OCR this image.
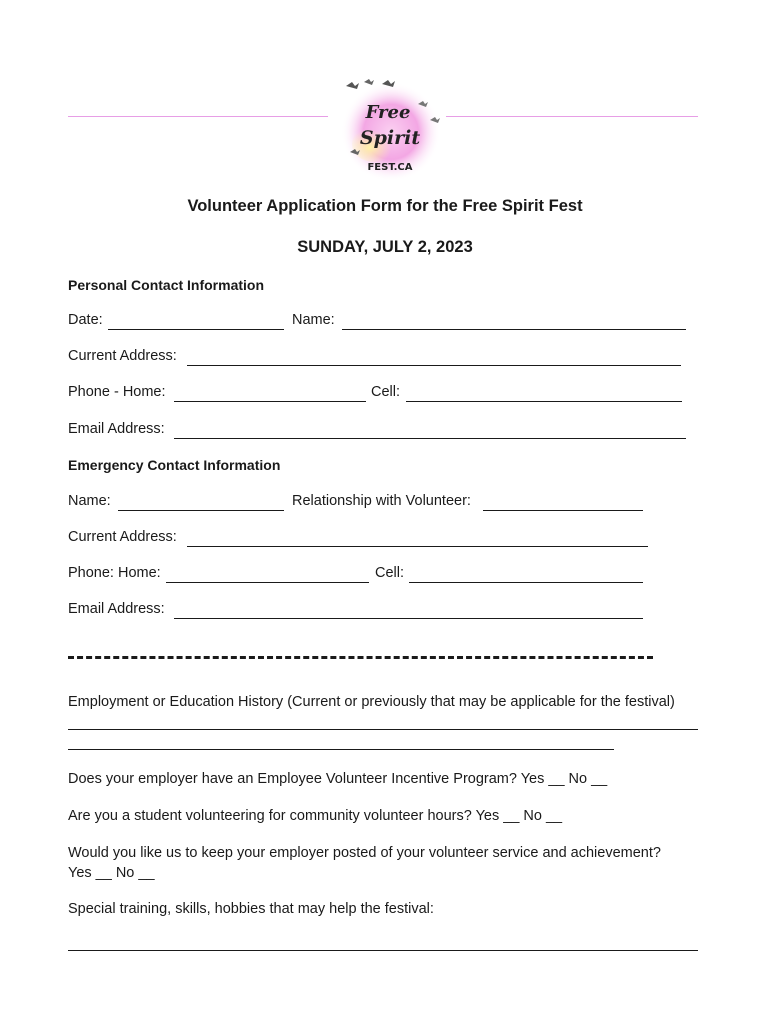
Free
Spirit
FEST.CA
Volunteer Application Form for the Free Spirit Fest
SUNDAY, JULY 2, 2023
Personal Contact Information
Date:	Name:
Current Address:
Phone - Home:	Cell:
Email Address:
Emergency Contact Information
Name:	Relationship with Volunteer:
Current Address:
Phone: Home:	Cell:
Email Address:
Employment or Education History (Current or previously that may be applicable for the festival)
Does your employer have an Employee Volunteer Incentive Program? Yes __ No __
Are you a student volunteering for community volunteer hours? Yes __ No __
Would you like us to keep your employer posted of your volunteer service and achievement?
Yes __ No __
Special training, skills, hobbies that may help the festival:
